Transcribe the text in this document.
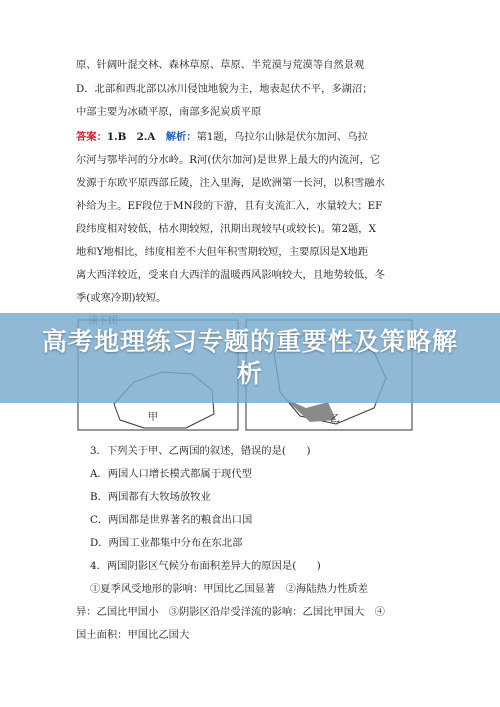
原、针阔叶混交林、森林草原、草原、半荒漠与荒漠等自然景观
D．北部和西北部以冰川侵蚀地貌为主，地表起伏不平，多湖沼；
中部主要为冰碛平原，南部多泥炭质平原
答案：1.B　2.A　 解析：第1题，乌拉尔山脉是伏尔加河、乌拉
尔河与鄂毕河的分水岭。R河(伏尔加河)是世界上最大的内流河，它
发源于东欧平原西部丘陵，注入里海，是欧洲第一长河，以积雪融水
补给为主。EF段位于MN段的下游，且有支流汇入，水量较大；EF
段纬度相对较低，枯水期较短，汛期出现较早(或较长)。第2题，X
地和Y地相比，纬度相差不大但年积雪期较短，主要原因是X地距
离大西洋较近，受来自大西洋的温暖西风影响较大，且地势较低，冬
季(或寒冷期)较短。
甲	乙
高考地理练习专题的重要性及策略解析
3．下列关于甲、乙两国的叙述，错误的是(　　)
A．两国人口增长模式都属于现代型
B．两国都有大牧场放牧业
C．两国都是世界著名的粮食出口国
D．两国工业都集中分布在东北部
4．两国阴影区气候分布面积差异大的原因是(　　)
①夏季风受地形的影响：甲国比乙国显著　②海陆热力性质差
异：乙国比甲国小　③阴影区沿岸受洋流的影响：乙国比甲国大　④
国土面积：甲国比乙国大
